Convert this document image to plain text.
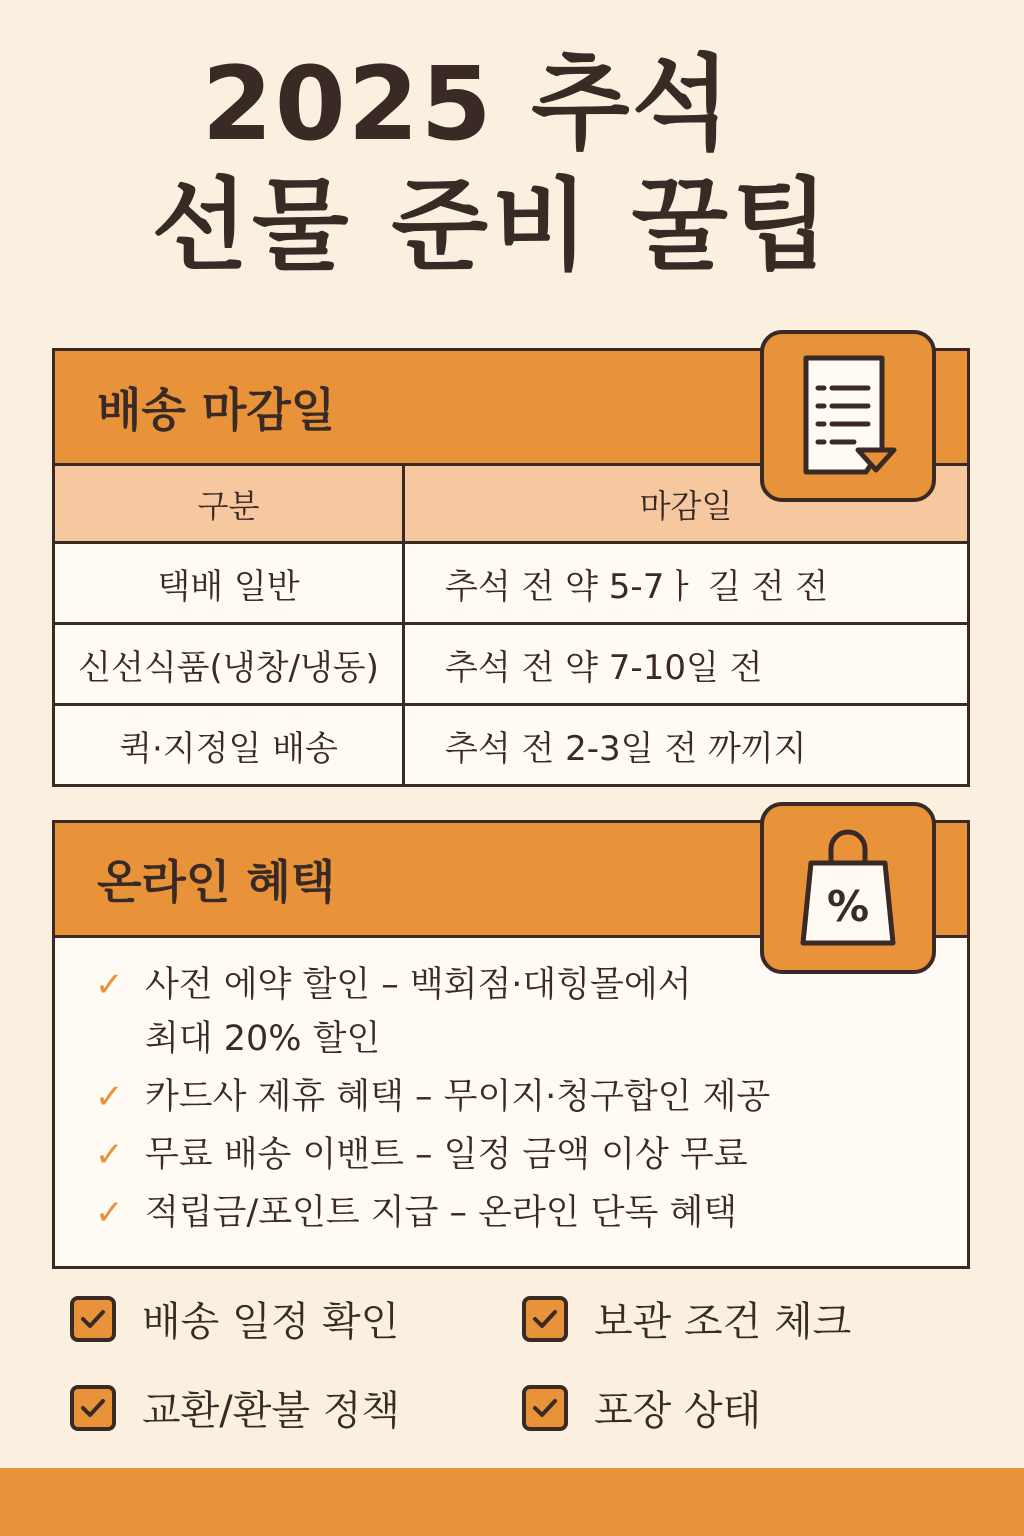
2025 추석
선물 준비 꿀팁
배송 마감일
구분	마감일
택배 일반	추석 전 약 5-7ㅏ 길 전 전
신선식품(냉창/냉동)	추석 전 약 7-10일 전
퀵·지정일 배송	추석 전 2-3일 전 까끼지
온라인 혜택
✓ 사전 에약 할인 – 백회점·대힝몰에서
최대 20% 할인
✓ 카드사 제휴 혜택 – 무이지·청구합인 제공
✓ 무료 배송 이밴트 – 일정 금액 이상 무료
✓ 적립금/포인트 지급 – 온라인 단독 혜택
%
배송 일정 확인	보관 조건 체크
교환/환불 정책	포장 상태
